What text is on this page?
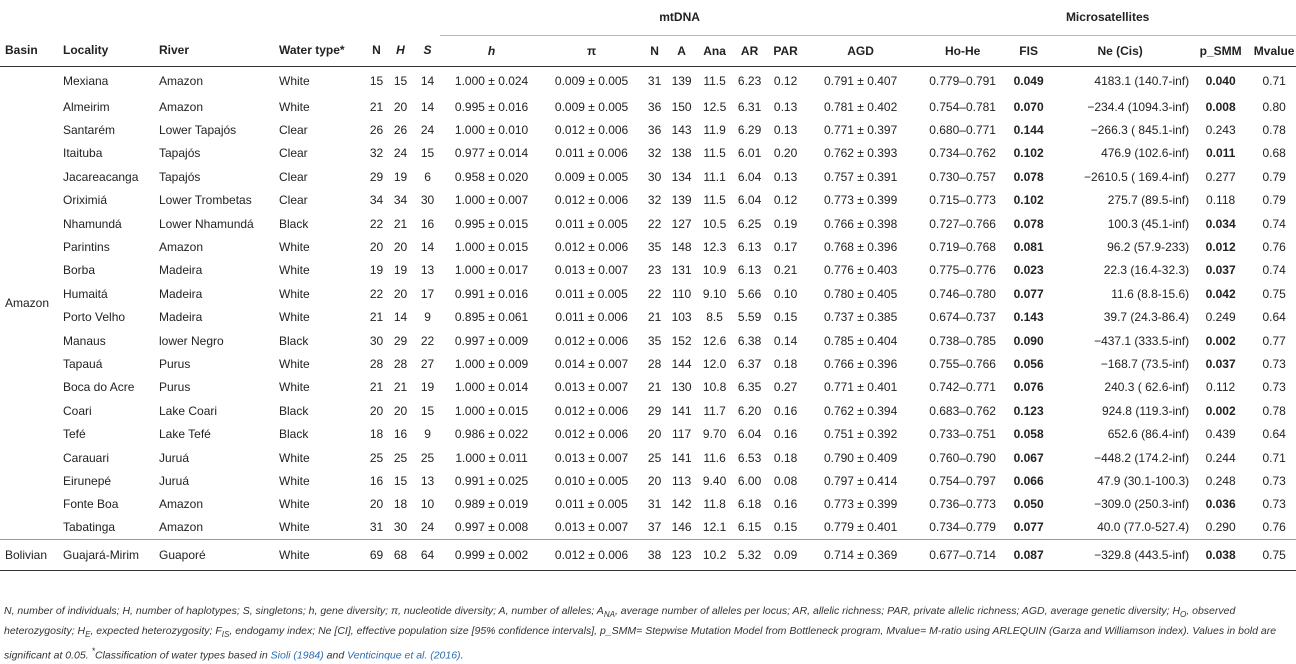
							mtDNA								Microsatellites				
Basin	Locality	River	Water type*	N	H	S	h	π	N	A	Ana	AR	PAR	AGD	Ho-He	FIS	Ne (Cis)	p_SMM	Mvalue
Amazon	Mexiana	Amazon	White	15	15	14	1.000 ± 0.024	0.009 ± 0.005	31	139	11.5	6.23	0.12	0.791 ± 0.407	0.779–0.791	0.049	4183.1 (140.7-inf)	0.040	0.71
	Almeirim	Amazon	White	21	20	14	0.995 ± 0.016	0.009 ± 0.005	36	150	12.5	6.31	0.13	0.781 ± 0.402	0.754–0.781	0.070	−234.4 (1094.3-inf)	0.008	0.80
	Santarém	Lower Tapajós	Clear	26	26	24	1.000 ± 0.010	0.012 ± 0.006	36	143	11.9	6.29	0.13	0.771 ± 0.397	0.680–0.771	0.144	−266.3 ( 845.1-inf)	0.243	0.78
	Itaituba	Tapajós	Clear	32	24	15	0.977 ± 0.014	0.011 ± 0.006	32	138	11.5	6.01	0.20	0.762 ± 0.393	0.734–0.762	0.102	476.9 (102.6-inf)	0.011	0.68
	Jacareacanga	Tapajós	Clear	29	19	6	0.958 ± 0.020	0.009 ± 0.005	30	134	11.1	6.04	0.13	0.757 ± 0.391	0.730–0.757	0.078	−2610.5 ( 169.4-inf)	0.277	0.79
	Oriximiá	Lower Trombetas	Clear	34	34	30	1.000 ± 0.007	0.012 ± 0.006	32	139	11.5	6.04	0.12	0.773 ± 0.399	0.715–0.773	0.102	275.7 (89.5-inf)	0.118	0.79
	Nhamundá	Lower Nhamundá	Black	22	21	16	0.995 ± 0.015	0.011 ± 0.005	22	127	10.5	6.25	0.19	0.766 ± 0.398	0.727–0.766	0.078	100.3 (45.1-inf)	0.034	0.74
	Parintins	Amazon	White	20	20	14	1.000 ± 0.015	0.012 ± 0.006	35	148	12.3	6.13	0.17	0.768 ± 0.396	0.719–0.768	0.081	96.2 (57.9-233)	0.012	0.76
	Borba	Madeira	White	19	19	13	1.000 ± 0.017	0.013 ± 0.007	23	131	10.9	6.13	0.21	0.776 ± 0.403	0.775–0.776	0.023	22.3 (16.4-32.3)	0.037	0.74
	Humaitá	Madeira	White	22	20	17	0.991 ± 0.016	0.011 ± 0.005	22	110	9.10	5.66	0.10	0.780 ± 0.405	0.746–0.780	0.077	11.6 (8.8-15.6)	0.042	0.75
	Porto Velho	Madeira	White	21	14	9	0.895 ± 0.061	0.011 ± 0.006	21	103	8.5	5.59	0.15	0.737 ± 0.385	0.674–0.737	0.143	39.7 (24.3-86.4)	0.249	0.64
	Manaus	lower Negro	Black	30	29	22	0.997 ± 0.009	0.012 ± 0.006	35	152	12.6	6.38	0.14	0.785 ± 0.404	0.738–0.785	0.090	−437.1 (333.5-inf)	0.002	0.77
	Tapauá	Purus	White	28	28	27	1.000 ± 0.009	0.014 ± 0.007	28	144	12.0	6.37	0.18	0.766 ± 0.396	0.755–0.766	0.056	−168.7 (73.5-inf)	0.037	0.73
	Boca do Acre	Purus	White	21	21	19	1.000 ± 0.014	0.013 ± 0.007	21	130	10.8	6.35	0.27	0.771 ± 0.401	0.742–0.771	0.076	240.3 ( 62.6-inf)	0.112	0.73
	Coari	Lake Coari	Black	20	20	15	1.000 ± 0.015	0.012 ± 0.006	29	141	11.7	6.20	0.16	0.762 ± 0.394	0.683–0.762	0.123	924.8 (119.3-inf)	0.002	0.78
	Tefé	Lake Tefé	Black	18	16	9	0.986 ± 0.022	0.012 ± 0.006	20	117	9.70	6.04	0.16	0.751 ± 0.392	0.733–0.751	0.058	652.6 (86.4-inf)	0.439	0.64
	Carauari	Juruá	White	25	25	25	1.000 ± 0.011	0.013 ± 0.007	25	141	11.6	6.53	0.18	0.790 ± 0.409	0.760–0.790	0.067	−448.2 (174.2-inf)	0.244	0.71
	Eirunepé	Juruá	White	16	15	13	0.991 ± 0.025	0.010 ± 0.005	20	113	9.40	6.00	0.08	0.797 ± 0.414	0.754–0.797	0.066	47.9 (30.1-100.3)	0.248	0.73
	Fonte Boa	Amazon	White	20	18	10	0.989 ± 0.019	0.011 ± 0.005	31	142	11.8	6.18	0.16	0.773 ± 0.399	0.736–0.773	0.050	−309.0 (250.3-inf)	0.036	0.73
	Tabatinga	Amazon	White	31	30	24	0.997 ± 0.008	0.013 ± 0.007	37	146	12.1	6.15	0.15	0.779 ± 0.401	0.734–0.779	0.077	40.0 (77.0-527.4)	0.290	0.76
Bolivian	Guajará-Mirim	Guaporé	White	69	68	64	0.999 ± 0.002	0.012 ± 0.006	38	123	10.2	5.32	0.09	0.714 ± 0.369	0.677–0.714	0.087	−329.8 (443.5-inf)	0.038	0.75

N, number of individuals; H, number of haplotypes; S, singletons; h, gene diversity; π, nucleotide diversity; A, number of alleles; $A_{NA}$, average number of alleles per locus; AR, allelic richness; PAR, private allelic richness; AGD, average genetic diversity; $H_O$, observed heterozygosity; $H_E$, expected heterozygosity; $F_{IS}$, endogamy index; Ne [CI], effective population size [95% confidence intervals], p_SMM= Stepwise Mutation Model from Bottleneck program, Mvalue= M-ratio using ARLEQUIN (Garza and Williamson index). Values in bold are significant at 0.05. *Classification of water types based in Sioli (1984) and Venticinque et al. (2016).
